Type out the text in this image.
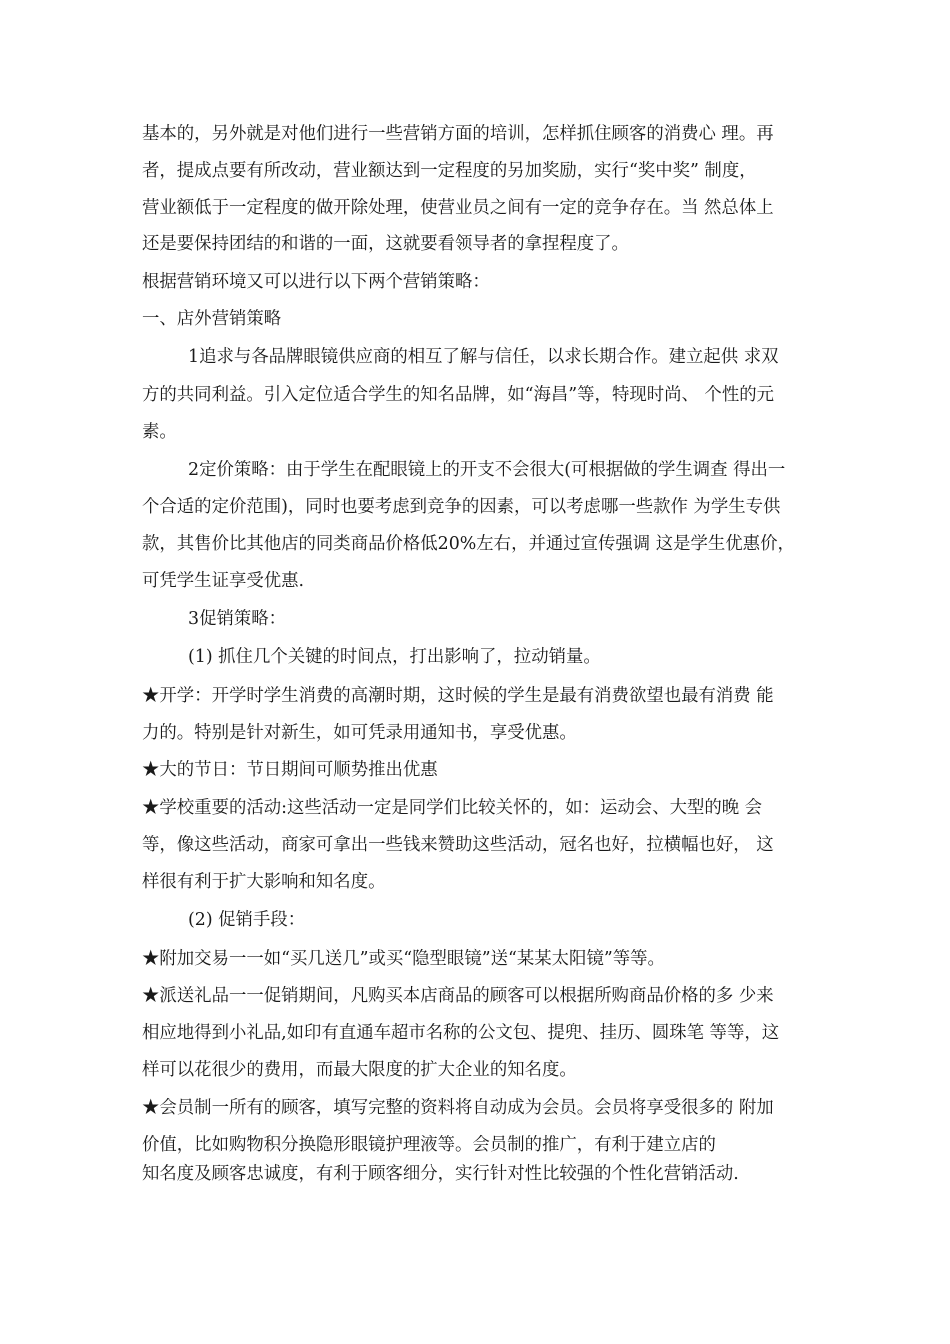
基本的，另外就是对他们进行一些营销方面的培训，怎样抓住顾客的消费心 理。再
者，提成点要有所改动，营业额达到一定程度的另加奖励，实行“奖中奖” 制度，
营业额低于一定程度的做开除处理，使营业员之间有一定的竞争存在。当 然总体上
还是要保持团结的和谐的一面，这就要看领导者的拿捏程度了。
根据营销环境又可以进行以下两个营销策略：
一、店外营销策略
1追求与各品牌眼镜供应商的相互了解与信任，以求长期合作。建立起供 求双
方的共同利益。引入定位适合学生的知名品牌，如“海昌”等，特现时尚、 个性的元
素。
2定价策略：由于学生在配眼镜上的开支不会很大(可根据做的学生调查 得出一
个合适的定价范围)，同时也要考虑到竞争的因素，可以考虑哪一些款作 为学生专供
款，其售价比其他店的同类商品价格低20%左右，并通过宣传强调 这是学生优惠价，
可凭学生证享受优惠.
3促销策略：
(1) 抓住几个关键的时间点，打出影响了，拉动销量。
★开学：开学时学生消费的高潮时期，这时候的学生是最有消费欲望也最有消费 能
力的。特别是针对新生，如可凭录用通知书，享受优惠。
★大的节日：节日期间可顺势推出优惠
★学校重要的活动:这些活动一定是同学们比较关怀的，如：运动会、大型的晚 会
等，像这些活动，商家可拿出一些钱来赞助这些活动，冠名也好，拉横幅也好， 这
样很有利于扩大影响和知名度。
(2) 促销手段：
★附加交易一一如“买几送几”或买“隐型眼镜”送“某某太阳镜”等等。
★派送礼品一一促销期间，凡购买本店商品的顾客可以根据所购商品价格的多 少来
相应地得到小礼品,如印有直通车超市名称的公文包、提兜、挂历、圆珠笔 等等，这
样可以花很少的费用，而最大限度的扩大企业的知名度。
★会员制一所有的顾客，填写完整的资料将自动成为会员。会员将享受很多的 附加
价值，比如购物积分换隐形眼镜护理液等。会员制的推广，有利于建立店的
知名度及顾客忠诚度，有利于顾客细分，实行针对性比较强的个性化营销活动.
